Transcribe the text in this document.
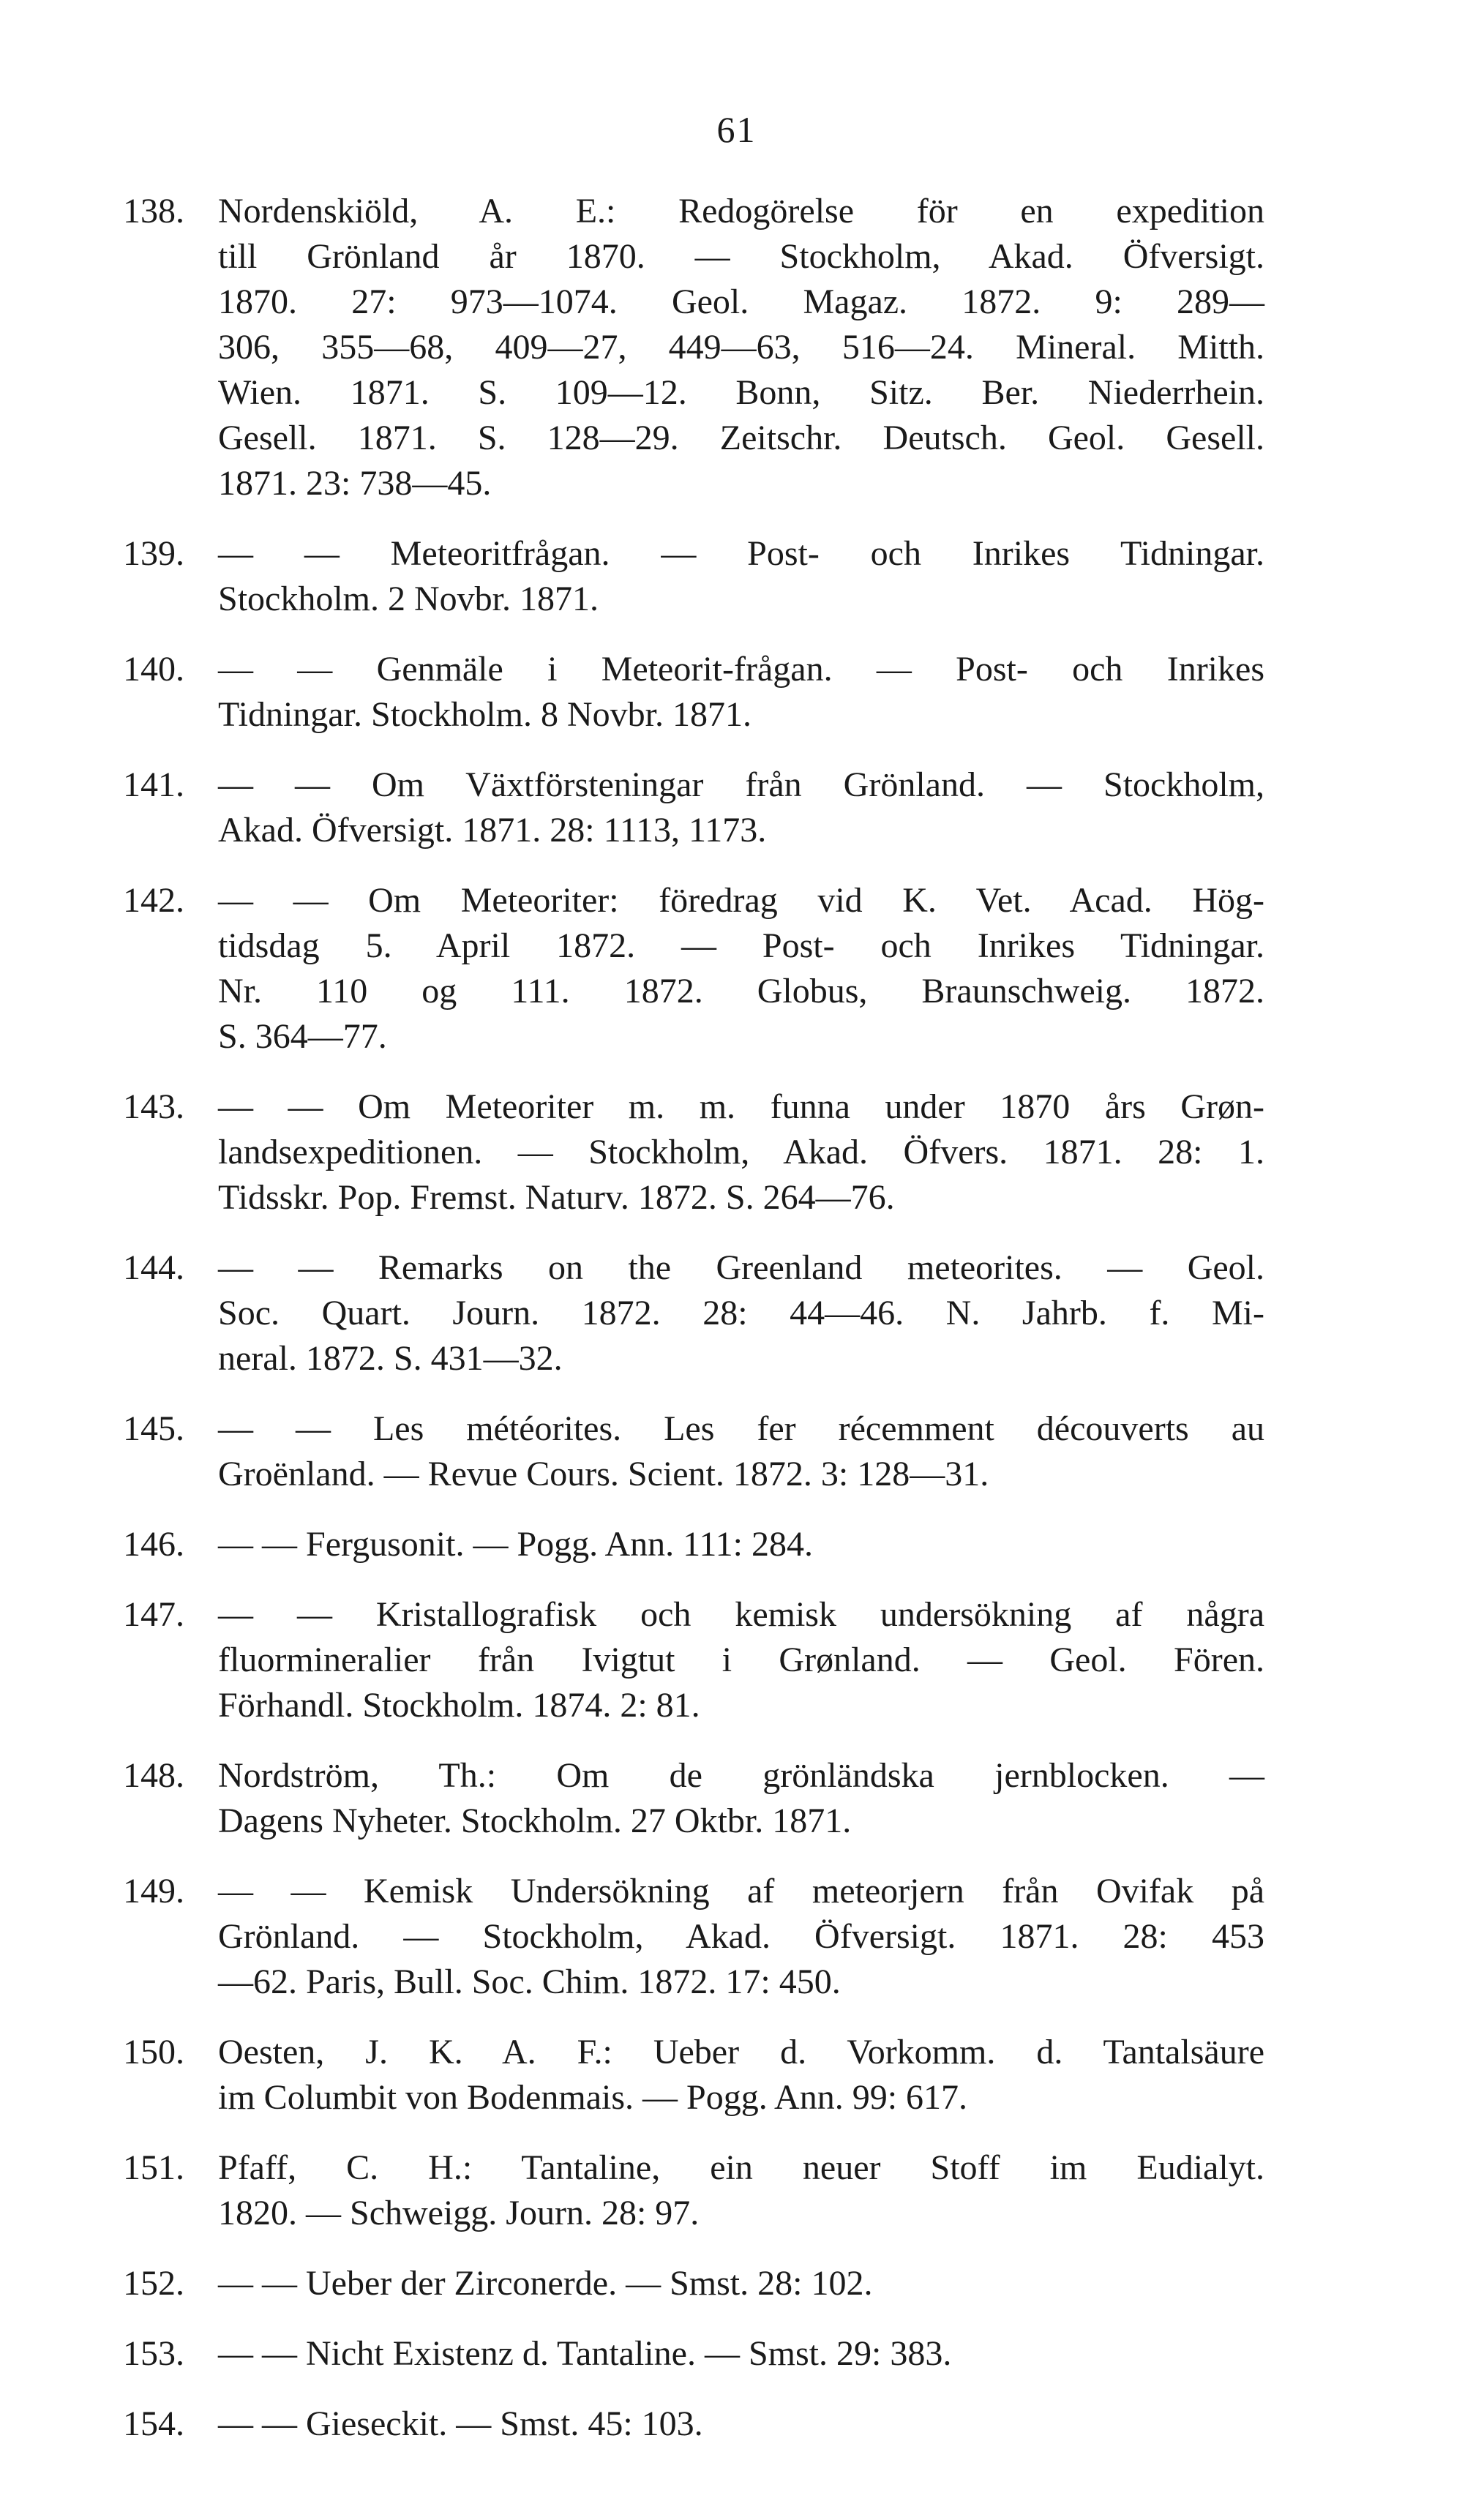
61
138. Nordenskiöld, A. E.: Redogörelse för en expedition
till Grönland år 1870. — Stockholm, Akad. Öfversigt.
1870. 27: 973—1074. Geol. Magaz. 1872. 9: 289—
306, 355—68, 409—27, 449—63, 516—24. Mineral. Mitth.
Wien. 1871. S. 109—12. Bonn, Sitz. Ber. Niederrhein.
Gesell. 1871. S. 128—29. Zeitschr. Deutsch. Geol. Gesell.
1871. 23: 738—45.
139. — — Meteoritfrågan. — Post- och Inrikes Tidningar.
Stockholm. 2 Novbr. 1871.
140. — — Genmäle i Meteorit-frågan. — Post- och Inrikes
Tidningar. Stockholm. 8 Novbr. 1871.
141. — — Om Växtförsteningar från Grönland. — Stockholm,
Akad. Öfversigt. 1871. 28: 1113, 1173.
142. — — Om Meteoriter: föredrag vid K. Vet. Acad. Hög-
tidsdag 5. April 1872. — Post- och Inrikes Tidningar.
Nr. 110 og 111. 1872. Globus, Braunschweig. 1872.
S. 364—77.
143. — — Om Meteoriter m. m. funna under 1870 års Grøn-
landsexpeditionen. — Stockholm, Akad. Öfvers. 1871. 28: 1.
Tidsskr. Pop. Fremst. Naturv. 1872. S. 264—76.
144. — — Remarks on the Greenland meteorites. — Geol.
Soc. Quart. Journ. 1872. 28: 44—46. N. Jahrb. f. Mi-
neral. 1872. S. 431—32.
145. — — Les météorites. Les fer récemment découverts au
Groënland. — Revue Cours. Scient. 1872. 3: 128—31.
146. — — Fergusonit. — Pogg. Ann. 111: 284.
147. — — Kristallografisk och kemisk undersökning af några
fluormineralier från Ivigtut i Grønland. — Geol. Fören.
Förhandl. Stockholm. 1874. 2: 81.
148. Nordström, Th.: Om de grönländska jernblocken. —
Dagens Nyheter. Stockholm. 27 Oktbr. 1871.
149. — — Kemisk Undersökning af meteorjern från Ovifak på
Grönland. — Stockholm, Akad. Öfversigt. 1871. 28: 453
—62. Paris, Bull. Soc. Chim. 1872. 17: 450.
150. Oesten, J. K. A. F.: Ueber d. Vorkomm. d. Tantalsäure
im Columbit von Bodenmais. — Pogg. Ann. 99: 617.
151. Pfaff, C. H.: Tantaline, ein neuer Stoff im Eudialyt.
1820. — Schweigg. Journ. 28: 97.
152. — — Ueber der Zirconerde. — Smst. 28: 102.
153. — — Nicht Existenz d. Tantaline. — Smst. 29: 383.
154. — — Gieseckit. — Smst. 45: 103.
